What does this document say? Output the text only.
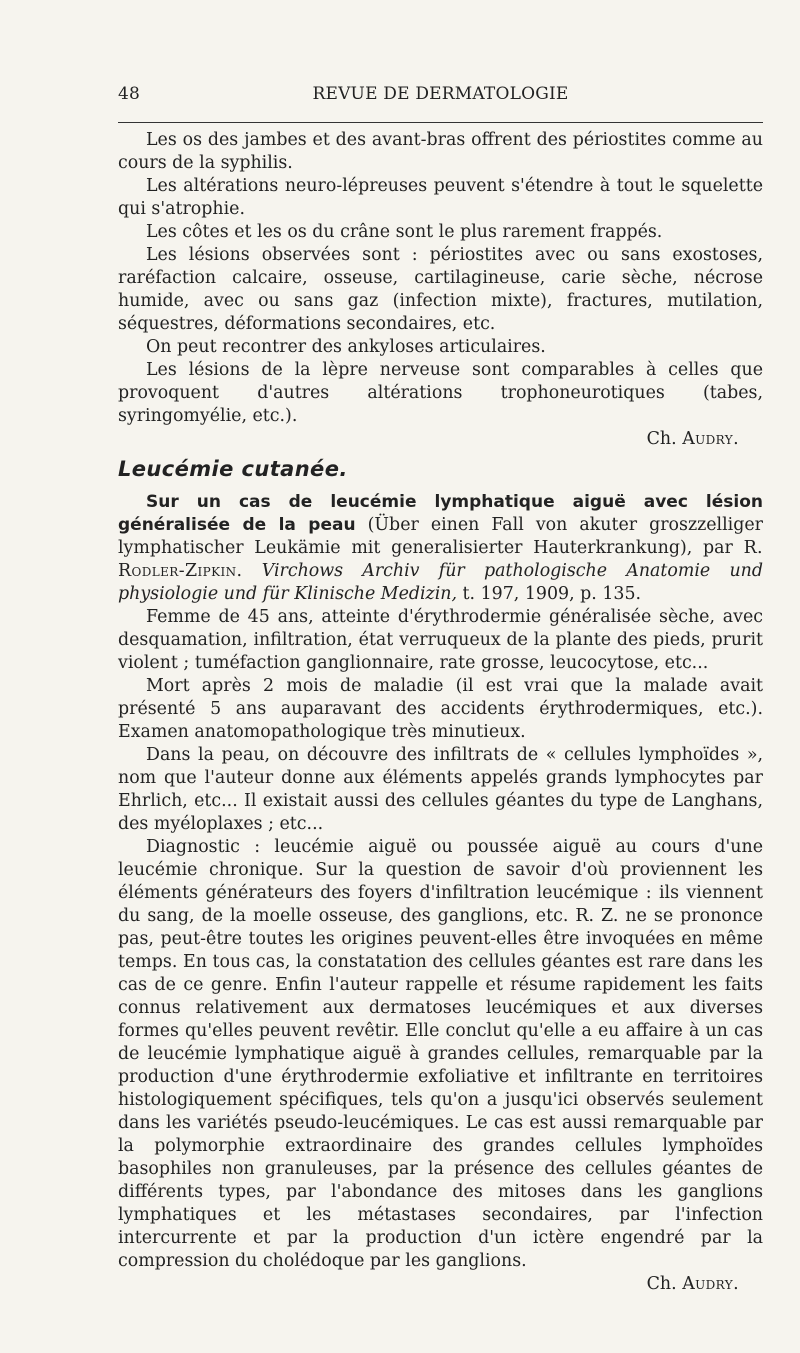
48	REVUE DE DERMATOLOGIE

Les os des jambes et des avant-bras offrent des périostites comme au cours de la syphilis.

Les altérations neuro-lépreuses peuvent s'étendre à tout le squelette qui s'atrophie.

Les côtes et les os du crâne sont le plus rarement frappés.

Les lésions observées sont : périostites avec ou sans exostoses, raréfaction calcaire, osseuse, cartilagineuse, carie sèche, nécrose humide, avec ou sans gaz (infection mixte), fractures, mutilation, séquestres, déformations secondaires, etc.

On peut recontrer des ankyloses articulaires.

Les lésions de la lèpre nerveuse sont comparables à celles que provoquent d'autres altérations trophoneurotiques (tabes, syringomyélie, etc.).

Ch. Audry.

Leucémie cutanée.

Sur un cas de leucémie lymphatique aiguë avec lésion généralisée de la peau (Über einen Fall von akuter groszzelliger lymphatischer Leukämie mit generalisierter Hauterkrankung), par R. Rodler-Zipkin. Virchows Archiv für pathologische Anatomie und physiologie und für Klinische Medizin, t. 197, 1909, p. 135.

Femme de 45 ans, atteinte d'érythrodermie généralisée sèche, avec desquamation, infiltration, état verruqueux de la plante des pieds, prurit violent ; tuméfaction ganglionnaire, rate grosse, leucocytose, etc...

Mort après 2 mois de maladie (il est vrai que la malade avait présenté 5 ans auparavant des accidents érythrodermiques, etc.). Examen anatomopathologique très minutieux.

Dans la peau, on découvre des infiltrats de « cellules lymphoïdes », nom que l'auteur donne aux éléments appelés grands lymphocytes par Ehrlich, etc... Il existait aussi des cellules géantes du type de Langhans, des myéloplaxes ; etc...

Diagnostic : leucémie aiguë ou poussée aiguë au cours d'une leucémie chronique. Sur la question de savoir d'où proviennent les éléments générateurs des foyers d'infiltration leucémique : ils viennent du sang, de la moelle osseuse, des ganglions, etc. R. Z. ne se prononce pas, peut-être toutes les origines peuvent-elles être invoquées en même temps. En tous cas, la constatation des cellules géantes est rare dans les cas de ce genre. Enfin l'auteur rappelle et résume rapidement les faits connus relativement aux dermatoses leucémiques et aux diverses formes qu'elles peuvent revêtir. Elle conclut qu'elle a eu affaire à un cas de leucémie lymphatique aiguë à grandes cellules, remarquable par la production d'une érythrodermie exfoliative et infiltrante en territoires histologiquement spécifiques, tels qu'on a jusqu'ici observés seulement dans les variétés pseudo-leucémiques. Le cas est aussi remarquable par la polymorphie extraordinaire des grandes cellules lymphoïdes basophiles non granuleuses, par la présence des cellules géantes de différents types, par l'abondance des mitoses dans les ganglions lymphatiques et les métastases secondaires, par l'infection intercurrente et par la production d'un ictère engendré par la compression du cholédoque par les ganglions.

Ch. Audry.
